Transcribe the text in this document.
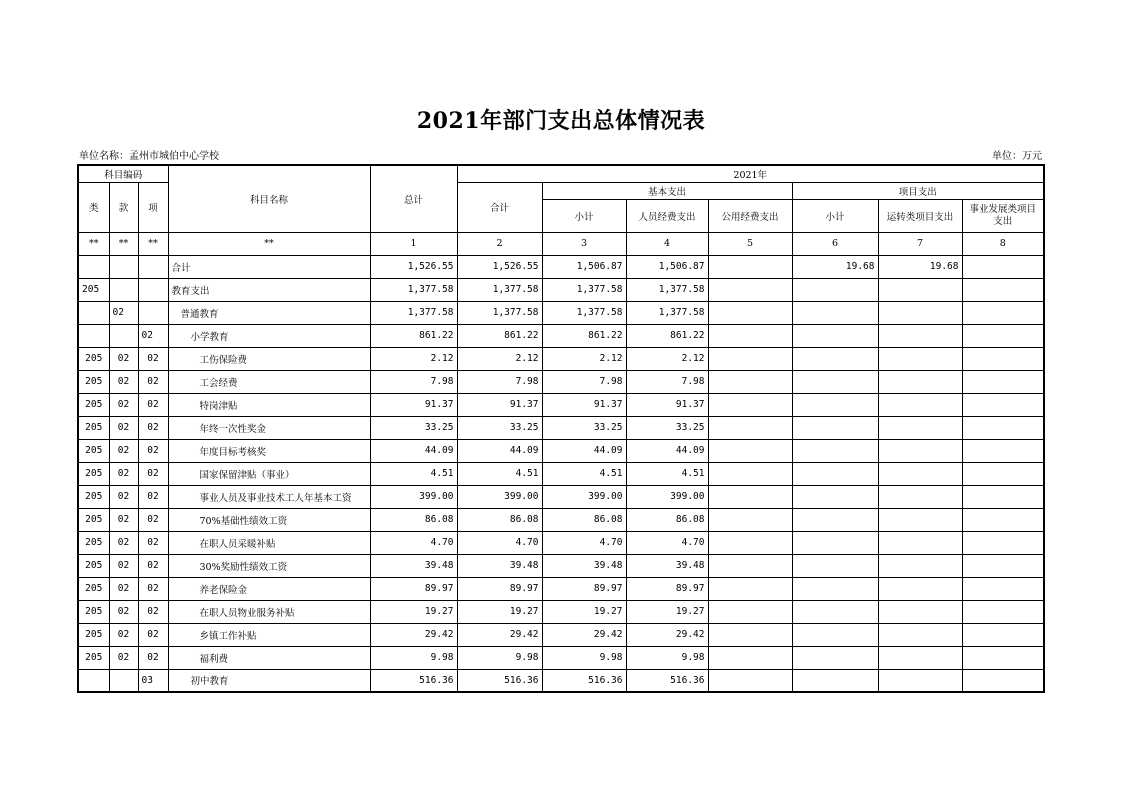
2021年部门支出总体情况表
单位名称：孟州市城伯中心学校	单位：万元
科目编码			科目名称	总计	2021年						
类	款	项			合计	基本支出			项目支出		
						小计	人员经费支出	公用经费支出	小计	运转类项目支出	事业发展类项目支出
**	**	**	**	1	2	3	4	5	6	7	8
			合计	1,526.55	1,526.55	1,506.87	1,506.87		19.68	19.68	
205			教育支出	1,377.58	1,377.58	1,377.58	1,377.58				
	02		普通教育	1,377.58	1,377.58	1,377.58	1,377.58				
		02	小学教育	861.22	861.22	861.22	861.22				
205	02	02	工伤保险费	2.12	2.12	2.12	2.12				
205	02	02	工会经费	7.98	7.98	7.98	7.98				
205	02	02	特岗津贴	91.37	91.37	91.37	91.37				
205	02	02	年终一次性奖金	33.25	33.25	33.25	33.25				
205	02	02	年度目标考核奖	44.09	44.09	44.09	44.09				
205	02	02	国家保留津贴（事业）	4.51	4.51	4.51	4.51				
205	02	02	事业人员及事业技术工人年基本工资	399.00	399.00	399.00	399.00				
205	02	02	70%基础性绩效工资	86.08	86.08	86.08	86.08				
205	02	02	在职人员采暖补贴	4.70	4.70	4.70	4.70				
205	02	02	30%奖励性绩效工资	39.48	39.48	39.48	39.48				
205	02	02	养老保险金	89.97	89.97	89.97	89.97				
205	02	02	在职人员物业服务补贴	19.27	19.27	19.27	19.27				
205	02	02	乡镇工作补贴	29.42	29.42	29.42	29.42				
205	02	02	福利费	9.98	9.98	9.98	9.98				
		03	初中教育	516.36	516.36	516.36	516.36				
